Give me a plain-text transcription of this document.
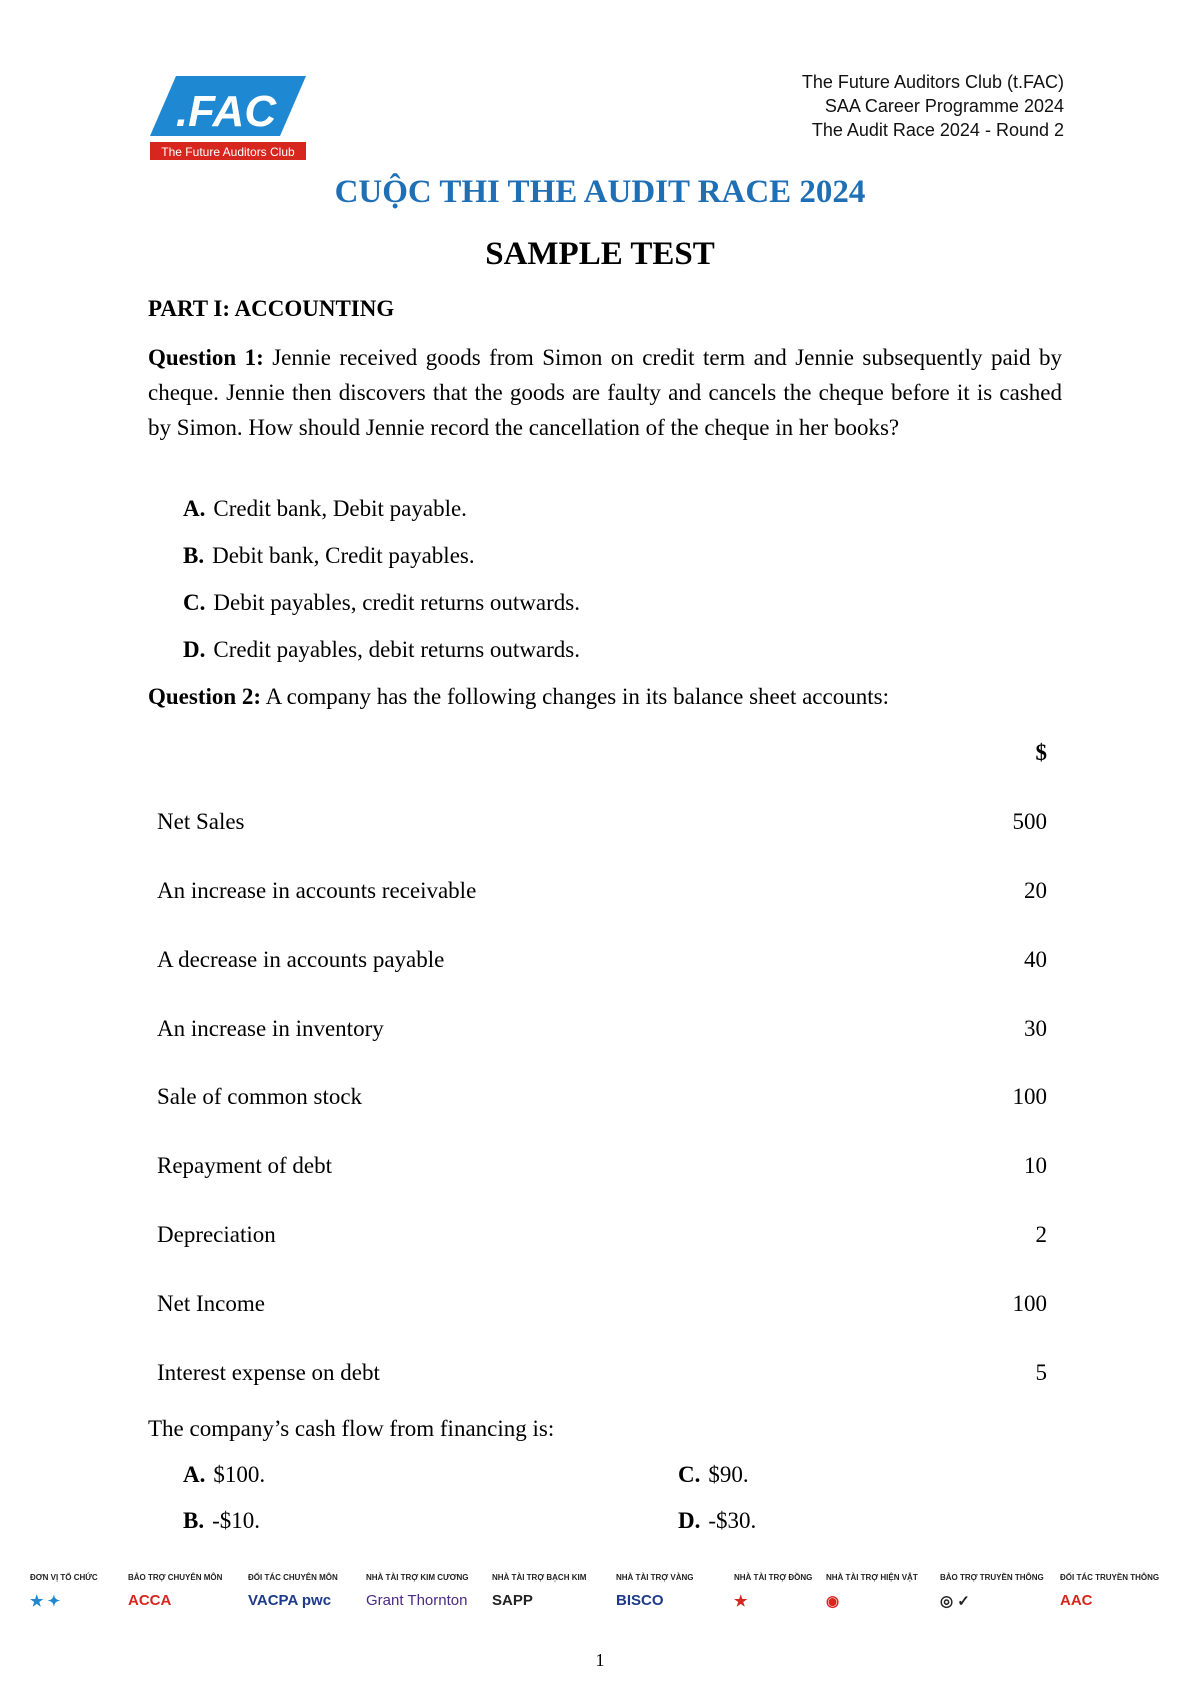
.FAC
The Future Auditors Club
The Future Auditors Club (t.FAC)
SAA Career Programme 2024
The Audit Race 2024 - Round 2
CUỘC THI THE AUDIT RACE 2024
SAMPLE TEST
PART I: ACCOUNTING

Question 1: Jennie received goods from Simon on credit term and Jennie subsequently paid by cheque. Jennie then discovers that the goods are faulty and cancels the cheque before it is cashed by Simon. How should Jennie record the cancellation of the cheque in her books?

A. Credit bank, Debit payable.
B. Debit bank, Credit payables.
C. Debit payables, credit returns outwards.
D. Credit payables, debit returns outwards.
Question 2: A company has the following changes in its balance sheet accounts:
$
Net Sales	500
An increase in accounts receivable	20
A decrease in accounts payable	40
An increase in inventory	30
Sale of common stock	100
Repayment of debt	10
Depreciation	2
Net Income	100
Interest expense on debt	5
The company’s cash flow from financing is:
A. $100.	C. $90.
B. -$10.	D. -$30.
ĐƠN VỊ TỔ CHỨC
★ ✦
BẢO TRỢ CHUYÊN MÔN
ACCA
ĐỐI TÁC CHUYÊN MÔN
VACPA pwc
NHÀ TÀI TRỢ KIM CƯƠNG
Grant Thornton
NHÀ TÀI TRỢ BẠCH KIM
SAPP
NHÀ TÀI TRỢ VÀNG
BISCO
NHÀ TÀI TRỢ ĐỒNG
★
NHÀ TÀI TRỢ HIỆN VẬT
◉
BẢO TRỢ TRUYỀN THÔNG
◎ ✓
ĐỐI TÁC TRUYỀN THÔNG
AAC
1
